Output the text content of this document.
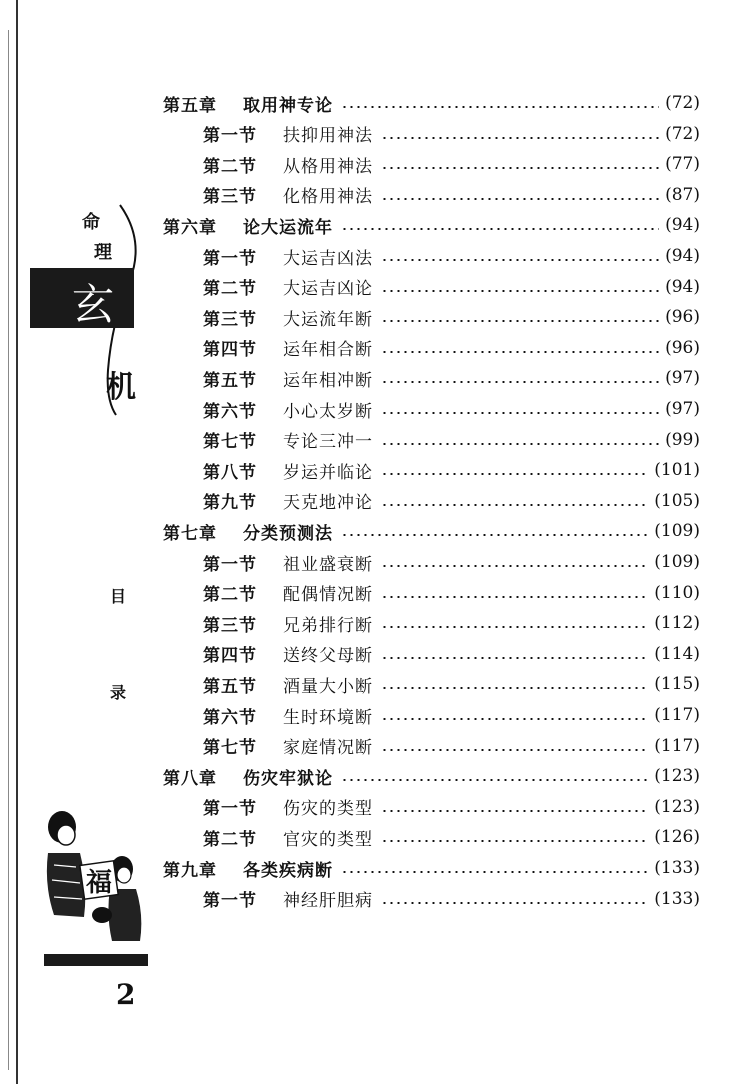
命
理
玄
机
目
录
福
2
第五章 取用神专论	(72)
第一节 扶抑用神法	(72)
第二节 从格用神法	(77)
第三节 化格用神法	(87)
第六章 论大运流年	(94)
第一节 大运吉凶法	(94)
第二节 大运吉凶论	(94)
第三节 大运流年断	(96)
第四节 运年相合断	(96)
第五节 运年相冲断	(97)
第六节 小心太岁断	(97)
第七节 专论三冲一	(99)
第八节 岁运并临论	(101)
第九节 天克地冲论	(105)
第七章 分类预测法	(109)
第一节 祖业盛衰断	(109)
第二节 配偶情况断	(110)
第三节 兄弟排行断	(112)
第四节 送终父母断	(114)
第五节 酒量大小断	(115)
第六节 生时环境断	(117)
第七节 家庭情况断	(117)
第八章 伤灾牢狱论	(123)
第一节 伤灾的类型	(123)
第二节 官灾的类型	(126)
第九章 各类疾病断	(133)
第一节 神经肝胆病	(133)
